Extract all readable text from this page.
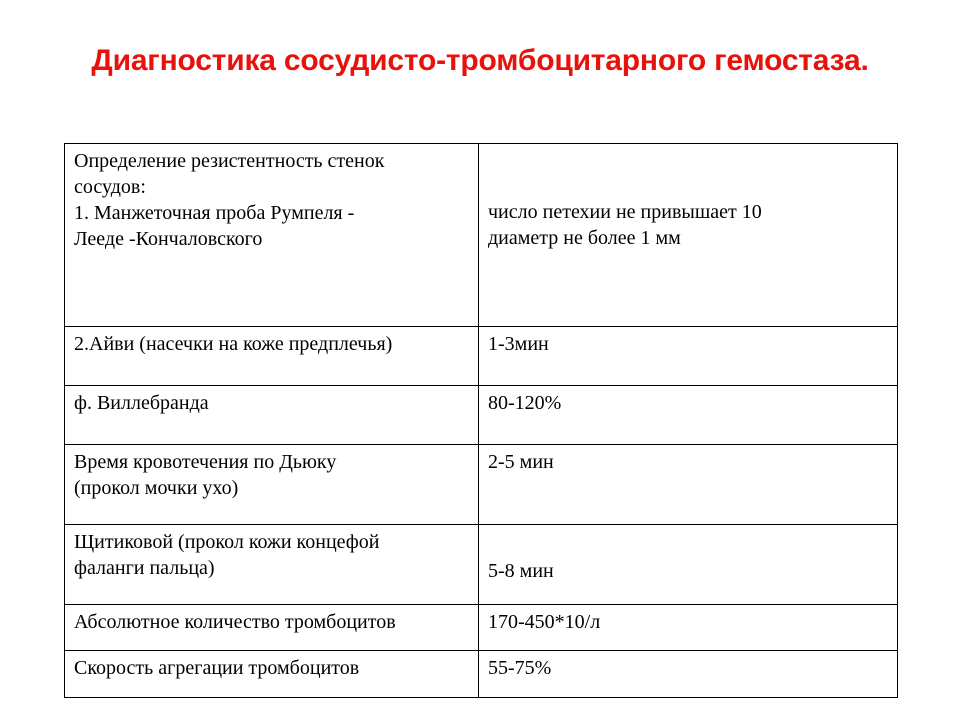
Диагностика сосудисто-тромбоцитарного гемостаза.
Определение резистентность стенок
сосудов:
1. Манжеточная проба Румпеля -
Лееде -Кончаловского	число петехии не привышает 10
диаметр не более 1 мм

2.Айви (насечки на коже предплечья)	1-3мин

ф. Виллебранда	80-120%

Время кровотечения по Дьюку
(прокол мочки ухо)	2-5 мин

Щитиковой (прокол кожи концефой
фаланги пальца)	5-8 мин

Абсолютное количество тромбоцитов	170-450*10/л

Скорость агрегации тромбоцитов	55-75%
